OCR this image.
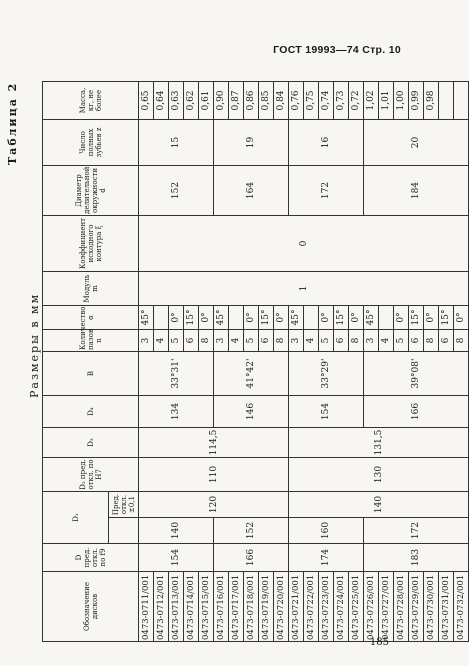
ГОСТ 19993—74 Стр. 10
Таблица 2
Размеры в мм
Обозначение дисков	D пред. откл. по f9	D₁		D₂ пред. откл. по H7	D₃	D₄	B	Количество пазов n	α	Модуль m	Коэффициент исходного контура ξ	Диаметр делительной окружности d	Число полных зубьев z	Масса, кг, не более
			Пред. откл. ±0,1											
0473-0711/001	154	140	120	110	114,5	134	33°31'	3	45°	1	0	152	15	0,65
0473-0712/001								4						0,64
0473-0713/001								5	0°					0,63
0473-0714/001								6	15°					0,62
0473-0715/001								8	0°					0,61
0473-0716/001	166	152				146	41°42'	3	45°			164	19	0,90
0473-0717/001								4						0,87
0473-0718/001								5	0°					0,86
0473-0719/001								6	15°					0,85
0473-0720/001								8	0°					0,84
0473-0721/001	174	160	140	130	131,5	154	33°29'	3	45°			172	16	0,76
0473-0722/001								4						0,75
0473-0723/001								5	0°					0,74
0473-0724/001								6	15°					0,73
0473-0725/001								8	0°					0,72
0473-0726/001	183	172				166	39°08'	3	45°			184	20	1,02
0473-0727/001								4						1,01
0473-0728/001								5	0°					1,00
0473-0729/001								6	15°					0,99
0473-0730/001								8	0°					0,98
0473-0731/001								6	15°					
0473-0732/001								8	0°					
185
